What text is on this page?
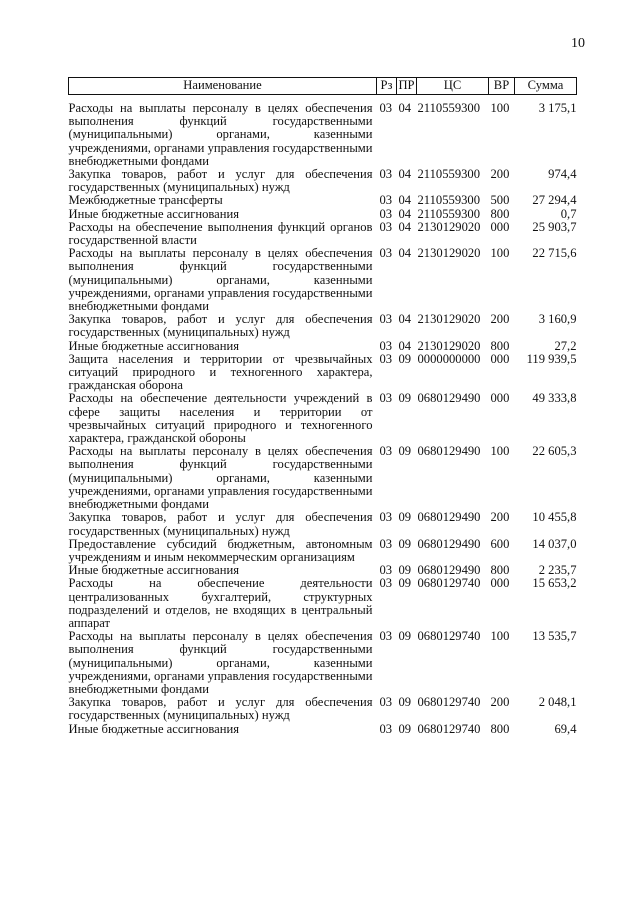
10
Наименование	Рз	ПР	ЦС	ВР	Сумма
Расходы на выплаты персоналу в целях обеспечения выполнения функций государственными (муниципальными) органами, казенными учреждениями, органами управления государственными внебюджетными фондами	03	04	2110559300	100	3 175,1
Закупка товаров, работ и услуг для обеспечения государственных (муниципальных) нужд	03	04	2110559300	200	974,4
Межбюджетные трансферты	03	04	2110559300	500	27 294,4
Иные бюджетные ассигнования	03	04	2110559300	800	0,7
Расходы на обеспечение выполнения функций органов государственной власти	03	04	2130129020	000	25 903,7
Расходы на выплаты персоналу в целях обеспечения выполнения функций государственными (муниципальными) органами, казенными учреждениями, органами управления государственными внебюджетными фондами	03	04	2130129020	100	22 715,6
Закупка товаров, работ и услуг для обеспечения государственных (муниципальных) нужд	03	04	2130129020	200	3 160,9
Иные бюджетные ассигнования	03	04	2130129020	800	27,2
Защита населения и территории от чрезвычайных ситуаций природного и техногенного характера, гражданская оборона	03	09	0000000000	000	119 939,5
Расходы на обеспечение деятельности учреждений в сфере защиты населения и территории от чрезвычайных ситуаций природного и техногенного характера, гражданской обороны	03	09	0680129490	000	49 333,8
Расходы на выплаты персоналу в целях обеспечения выполнения функций государственными (муниципальными) органами, казенными учреждениями, органами управления государственными внебюджетными фондами	03	09	0680129490	100	22 605,3
Закупка товаров, работ и услуг для обеспечения государственных (муниципальных) нужд	03	09	0680129490	200	10 455,8
Предоставление субсидий бюджетным, автономным учреждениям и иным некоммерческим организациям	03	09	0680129490	600	14 037,0
Иные бюджетные ассигнования	03	09	0680129490	800	2 235,7
Расходы на обеспечение деятельности централизованных бухгалтерий, структурных подразделений и отделов, не входящих в центральный аппарат	03	09	0680129740	000	15 653,2
Расходы на выплаты персоналу в целях обеспечения выполнения функций государственными (муниципальными) органами, казенными учреждениями, органами управления государственными внебюджетными фондами	03	09	0680129740	100	13 535,7
Закупка товаров, работ и услуг для обеспечения государственных (муниципальных) нужд	03	09	0680129740	200	2 048,1
Иные бюджетные ассигнования	03	09	0680129740	800	69,4
